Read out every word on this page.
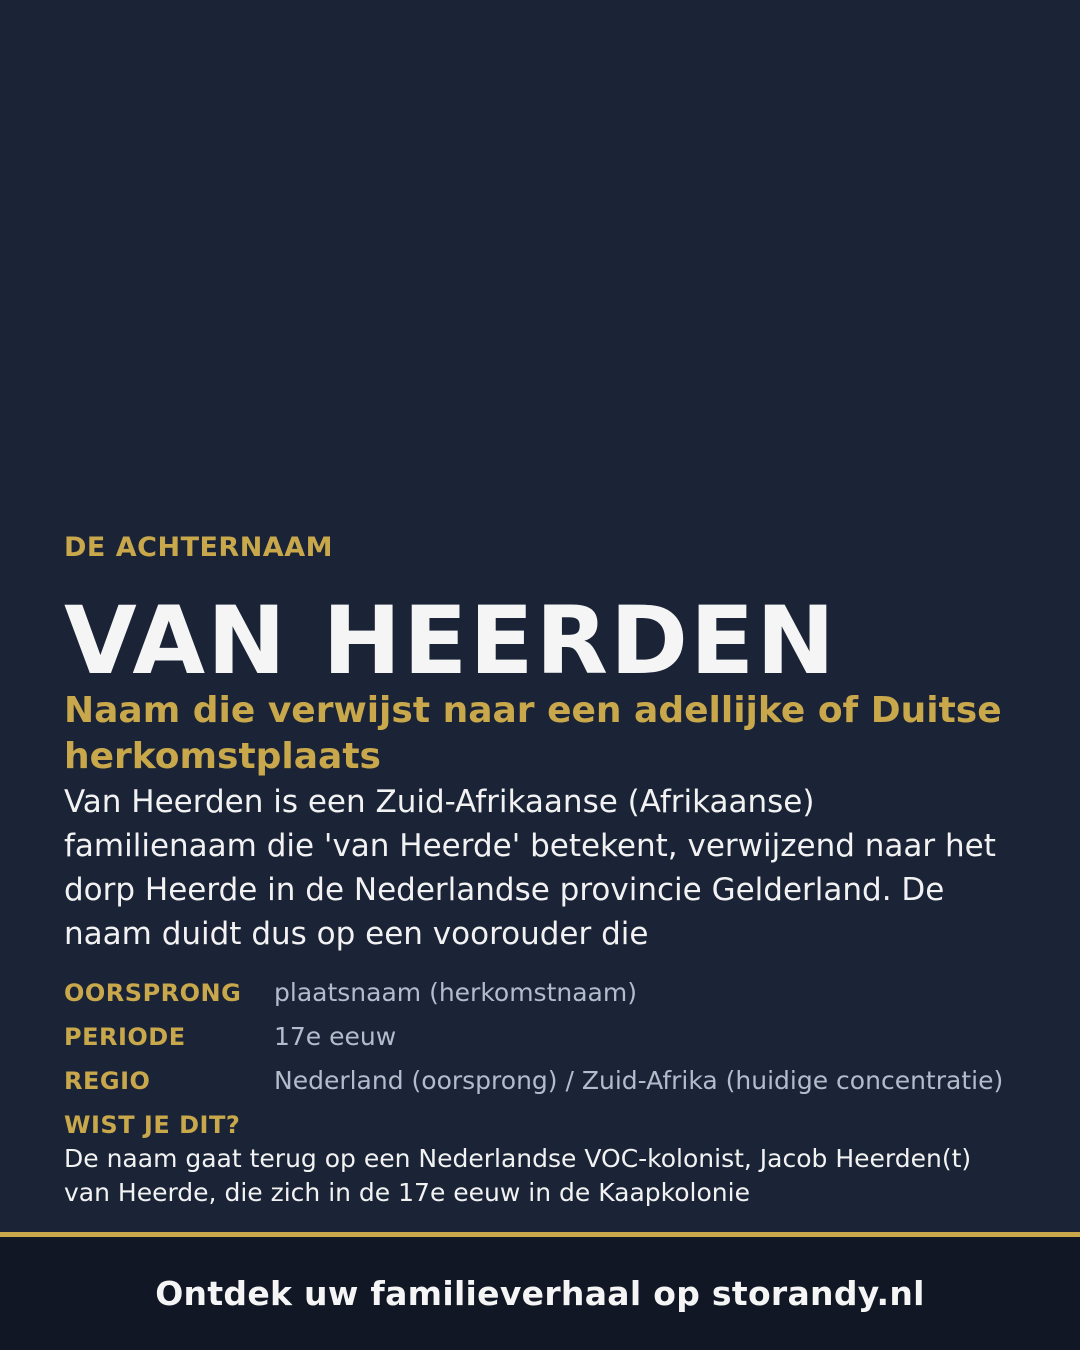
DE ACHTERNAAM

VAN HEERDEN

Naam die verwijst naar een adellijke of Duitse herkomstplaats

Van Heerden is een Zuid-Afrikaanse (Afrikaanse) familienaam die 'van Heerde' betekent, verwijzend naar het dorp Heerde in de Nederlandse provincie Gelderland. De naam duidt dus op een voorouder die

OORSPRONG	plaatsnaam (herkomstnaam)
PERIODE	17e eeuw
REGIO	Nederland (oorsprong) / Zuid-Afrika (huidige concentratie)

WIST JE DIT?

De naam gaat terug op een Nederlandse VOC-kolonist, Jacob Heerden(t) van Heerde, die zich in de 17e eeuw in de Kaapkolonie

Ontdek uw familieverhaal op storandy.nl
